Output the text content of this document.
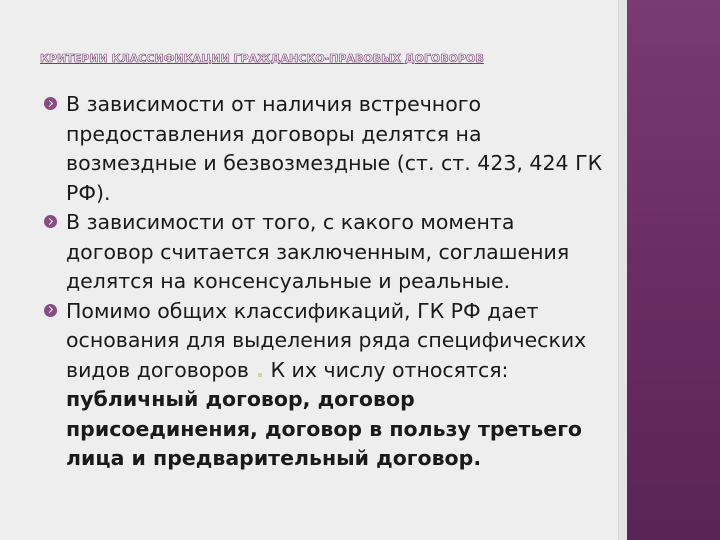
КРИТЕРИИ КЛАССИФИКАЦИИ ГРАЖДАНСКО-ПРАВОВЫХ ДОГОВОРОВ
В зависимости от наличия встречного предоставления договоры делятся на возмездные и безвозмездные (ст. ст. 423, 424 ГК РФ).
В зависимости от того, с какого момента договор считается заключенным, соглашения делятся на консенсуальные и реальные.
Помимо общих классификаций, ГК РФ дает основания для выделения ряда специфических видов договоров . К их числу относятся: публичный договор, договор присоединения, договор в пользу третьего лица и предварительный договор.
